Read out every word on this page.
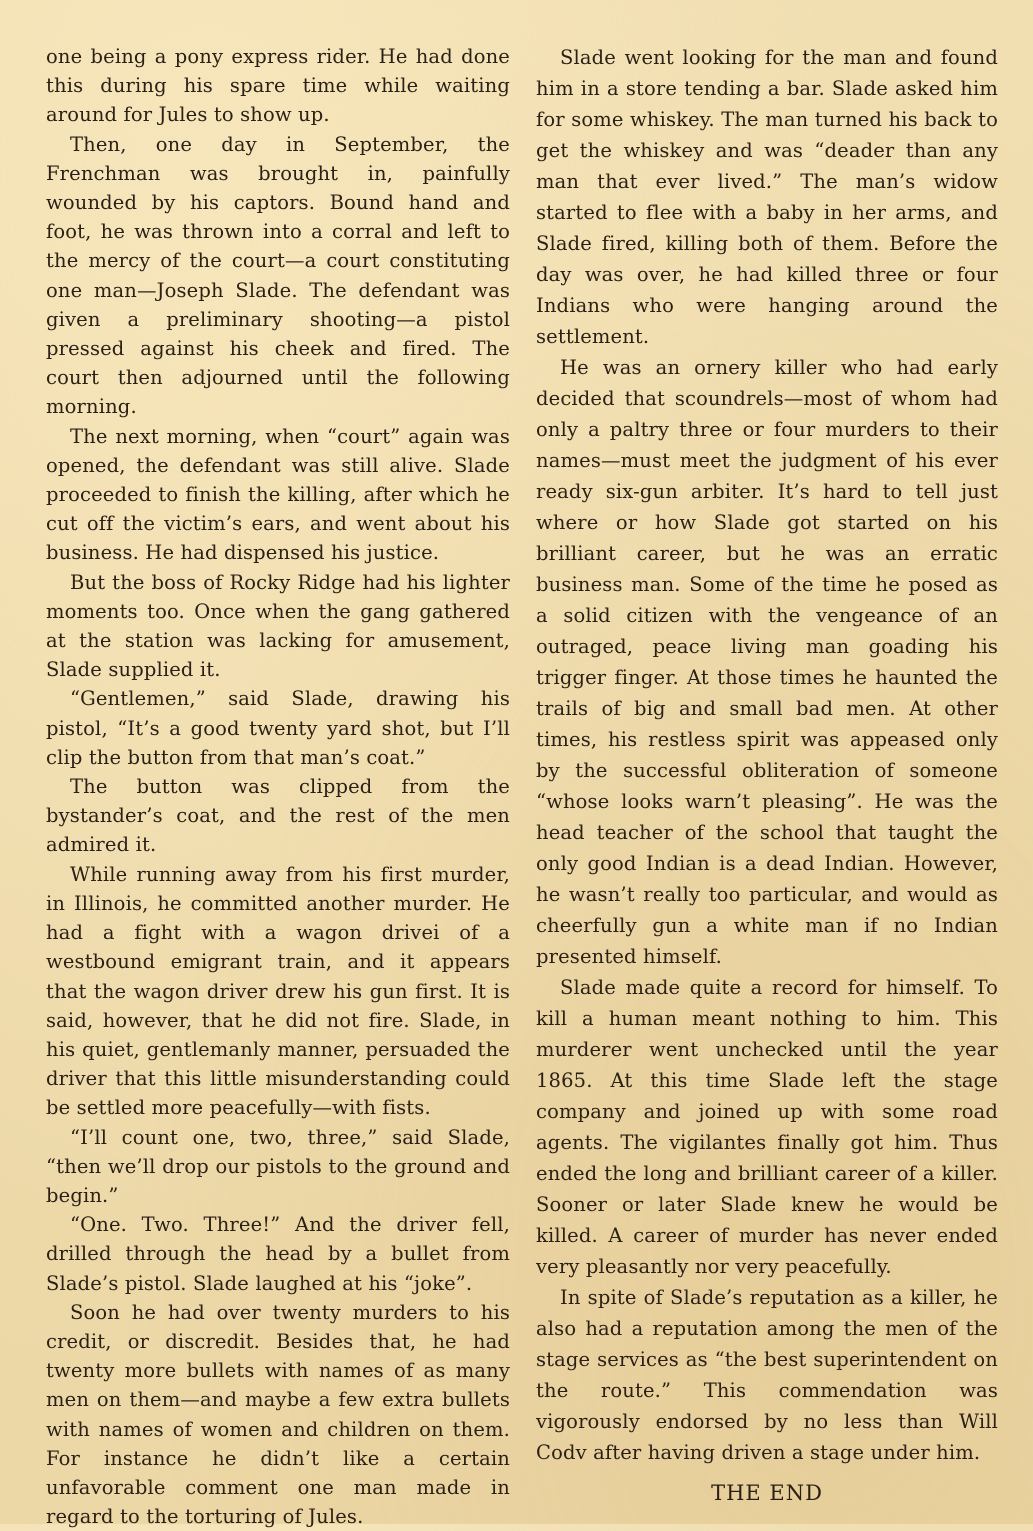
one being a pony express rider. He had done this during his spare time while waiting around for Jules to show up.

Then, one day in September, the Frenchman was brought in, painfully wounded by his captors. Bound hand and foot, he was thrown into a corral and left to the mercy of the court—a court constituting one man—Joseph Slade. The defendant was given a preliminary shooting—a pistol pressed against his cheek and fired. The court then adjourned until the following morning.

The next morning, when “court” again was opened, the defendant was still alive. Slade proceeded to finish the killing, after which he cut off the victim’s ears, and went about his business. He had dispensed his justice.

But the boss of Rocky Ridge had his lighter moments too. Once when the gang gathered at the station was lacking for amusement, Slade supplied it.

“Gentlemen,” said Slade, drawing his pistol, “It’s a good twenty yard shot, but I’ll clip the button from that man’s coat.”

The button was clipped from the bystander’s coat, and the rest of the men admired it.

While running away from his first murder, in Illinois, he committed another murder. He had a fight with a wagon drivei of a westbound emigrant train, and it appears that the wagon driver drew his gun first. It is said, however, that he did not fire. Slade, in his quiet, gentlemanly manner, persuaded the driver that this little misunderstanding could be settled more peacefully—with fists.

“I’ll count one, two, three,” said Slade, “then we’ll drop our pistols to the ground and begin.”

“One. Two. Three!” And the driver fell, drilled through the head by a bullet from Slade’s pistol. Slade laughed at his “joke”.

Soon he had over twenty murders to his credit, or discredit. Besides that, he had twenty more bullets with names of as many men on them—and maybe a few extra bullets with names of women and children on them. For instance he didn’t like a certain unfavorable comment one man made in regard to the torturing of Jules.

Slade went looking for the man and found him in a store tending a bar. Slade asked him for some whiskey. The man turned his back to get the whiskey and was “deader than any man that ever lived.” The man’s widow started to flee with a baby in her arms, and Slade fired, killing both of them. Before the day was over, he had killed three or four Indians who were hanging around the settlement.

He was an ornery killer who had early decided that scoundrels—most of whom had only a paltry three or four murders to their names—must meet the judgment of his ever ready six-gun arbiter. It’s hard to tell just where or how Slade got started on his brilliant career, but he was an erratic business man. Some of the time he posed as a solid citizen with the vengeance of an outraged, peace living man goading his trigger finger. At those times he haunted the trails of big and small bad men. At other times, his restless spirit was appeased only by the successful obliteration of someone “whose looks warn’t pleasing”. He was the head teacher of the school that taught the only good Indian is a dead Indian. However, he wasn’t really too particular, and would as cheerfully gun a white man if no Indian presented himself.

Slade made quite a record for himself. To kill a human meant nothing to him. This murderer went unchecked until the year 1865. At this time Slade left the stage company and joined up with some road agents. The vigilantes finally got him. Thus ended the long and brilliant career of a killer. Sooner or later Slade knew he would be killed. A career of murder has never ended very pleasantly nor very peacefully.

In spite of Slade’s reputation as a killer, he also had a reputation among the men of the stage services as “the best superintendent on the route.” This commendation was vigorously endorsed by no less than Will Codv after having driven a stage under him.

THE END
